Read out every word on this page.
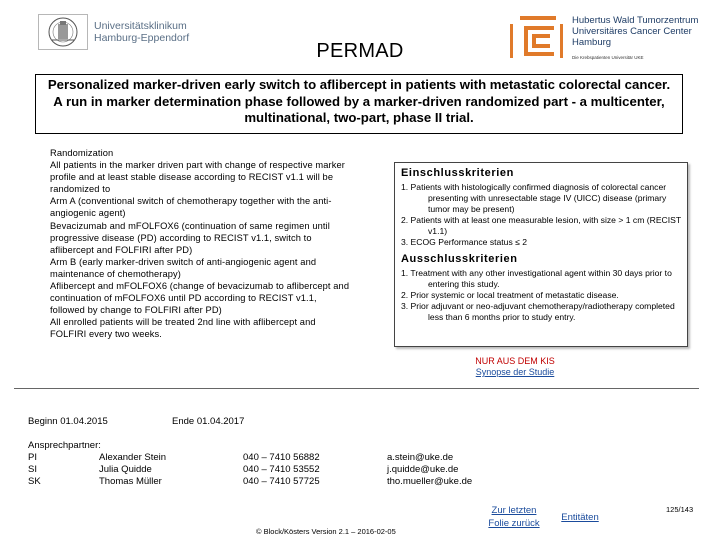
Universitätsklinikum
Hamburg-Eppendorf
Hubertus Wald Tumorzentrum
Universitäres Cancer Center Hamburg
Die Krebspatienten Universitär UKE
PERMAD
Personalized marker-driven early switch to aflibercept in patients with metastatic colorectal cancer. A run in marker determination phase followed by a marker-driven randomized part - a multicenter, multinational, two-part, phase II trial.
Randomization
All patients in the marker driven part with change of respective marker profile and at least stable disease according to RECIST v1.1 will be randomized to
Arm A (conventional switch of chemotherapy together with the anti-angiogenic agent)
Bevacizumab and mFOLFOX6 (continuation of same regimen until progressive disease (PD) according to RECIST v1.1, switch to aflibercept and FOLFIRI after PD)
Arm B (early marker-driven switch of anti-angiogenic agent and maintenance of chemotherapy)
Aflibercept and mFOLFOX6 (change of bevacizumab to aflibercept and continuation of mFOLFOX6 until PD according to RECIST v1.1, followed by change to FOLFIRI after PD)
All enrolled patients will be treated 2nd line with aflibercept and FOLFIRI every two weeks.
Einschlusskriterien
1. Patients with histologically confirmed diagnosis of colorectal cancer presenting with unresectable stage IV (UICC) disease (primary tumor may be present)
2. Patients with at least one measurable lesion, with size > 1 cm (RECIST v1.1)
3. ECOG Performance status ≤ 2
Ausschlusskriterien
1. Treatment with any other investigational agent within 30 days prior to entering this study.
2. Prior systemic or local treatment of metastatic disease.
3. Prior adjuvant or neo-adjuvant chemotherapy/radiotherapy completed less than 6 months prior to study entry.
NUR AUS DEM KIS
Synopse der Studie
Beginn 01.04.2015	Ende 01.04.2017
Ansprechpartner:
PI	Alexander Stein	040 – 7410 56882	a.stein@uke.de
SI	Julia Quidde	040 – 7410 53552	j.quidde@uke.de
SK	Thomas Müller	040 – 7410 57725	tho.mueller@uke.de
Zur letzten
Folie zurück
Entitäten
© Block/Kösters Version 2.1 – 2016-02-05
125/143
